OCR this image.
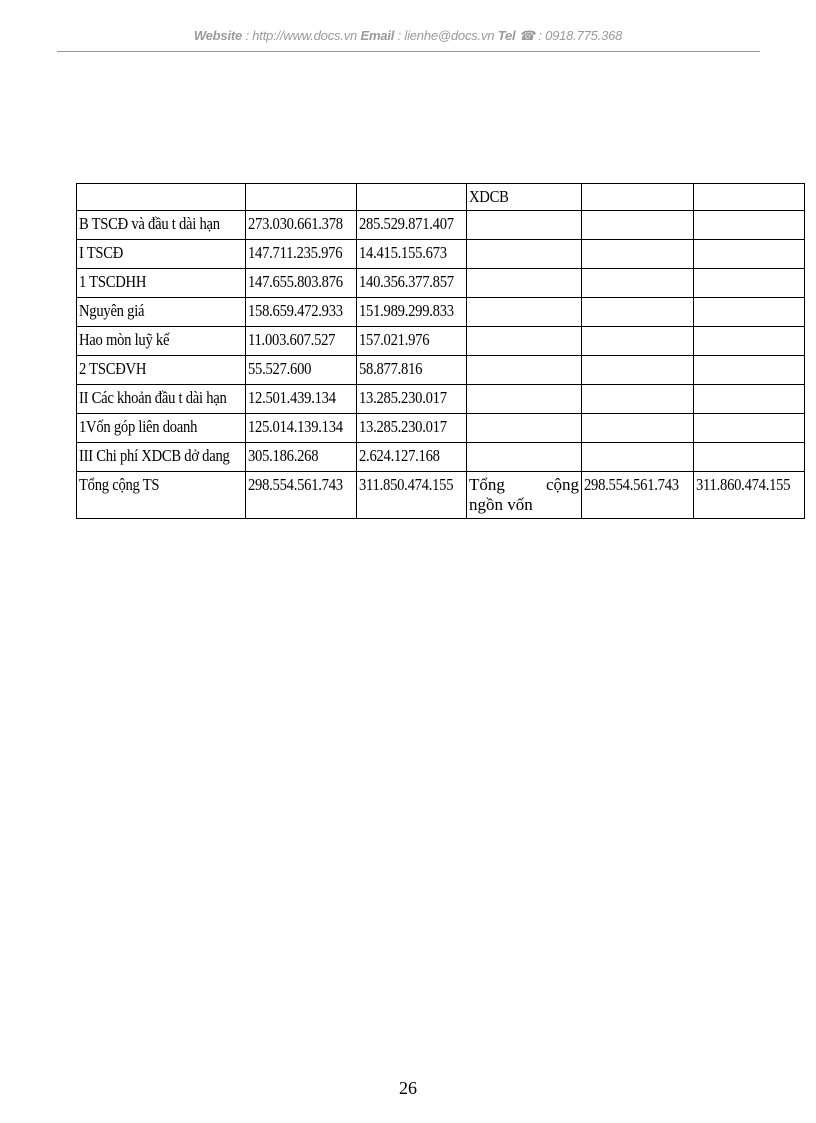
Website : http://www.docs.vn Email : lienhe@docs.vn Tel ☎ : 0918.775.368
			XDCB		
B TSCĐ và đầu t dài hạn	273.030.661.378	285.529.871.407			
I TSCĐ	147.711.235.976	14.415.155.673			
1 TSCDHH	147.655.803.876	140.356.377.857			
Nguyên giá	158.659.472.933	151.989.299.833			
Hao mòn luỹ kế	11.003.607.527	157.021.976			
2 TSCĐVH	55.527.600	58.877.816			
II Các khoản đầu t dài hạn	12.501.439.134	13.285.230.017			
1Vốn góp liên doanh	125.014.139.134	13.285.230.017			
III Chi phí XDCB dở dang	305.186.268	2.624.127.168			
Tổng cộng TS	298.554.561.743	311.850.474.155	Tổng cộng ngồn vốn	298.554.561.743	311.860.474.155
26
